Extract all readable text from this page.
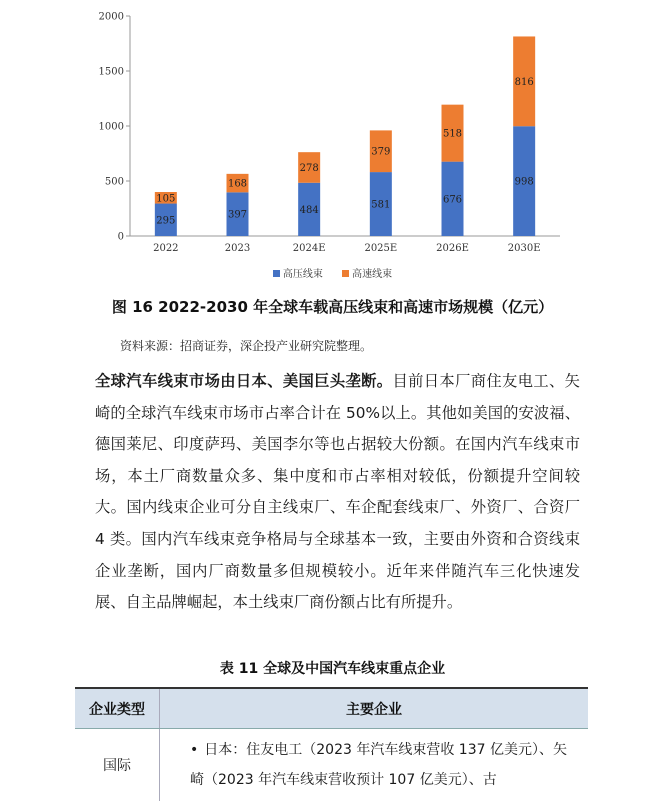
0
500
1000
1500
2000
2022	2023	2024E	2025E	2026E	2030E
295
105
397
168
484
278
581
379
676
518
998
816
高压线束	高速线束
图 16 2022-2030 年全球车载高压线束和高速市场规模（亿元）
资料来源：招商证券，深企投产业研究院整理。
全球汽车线束市场由日本、美国巨头垄断。目前日本厂商住友电工、矢崎的全球汽车线束市场市占率合计在 50%以上。其他如美国的安波福、德国莱尼、印度萨玛、美国李尔等也占据较大份额。在国内汽车线束市场，本土厂商数量众多、集中度和市占率相对较低，份额提升空间较大。国内线束企业可分自主线束厂、车企配套线束厂、外资厂、合资厂 4 类。国内汽车线束竞争格局与全球基本一致，主要由外资和合资线束企业垄断，国内厂商数量多但规模较小。近年来伴随汽车三化快速发展、自主品牌崛起，本土线束厂商份额占比有所提升。
表 11 全球及中国汽车线束重点企业
企业类型	主要企业
国际	• 日本：住友电工（2023 年汽车线束营收 137 亿美元）、矢崎（2023 年汽车线束营收预计 107 亿美元）、古
